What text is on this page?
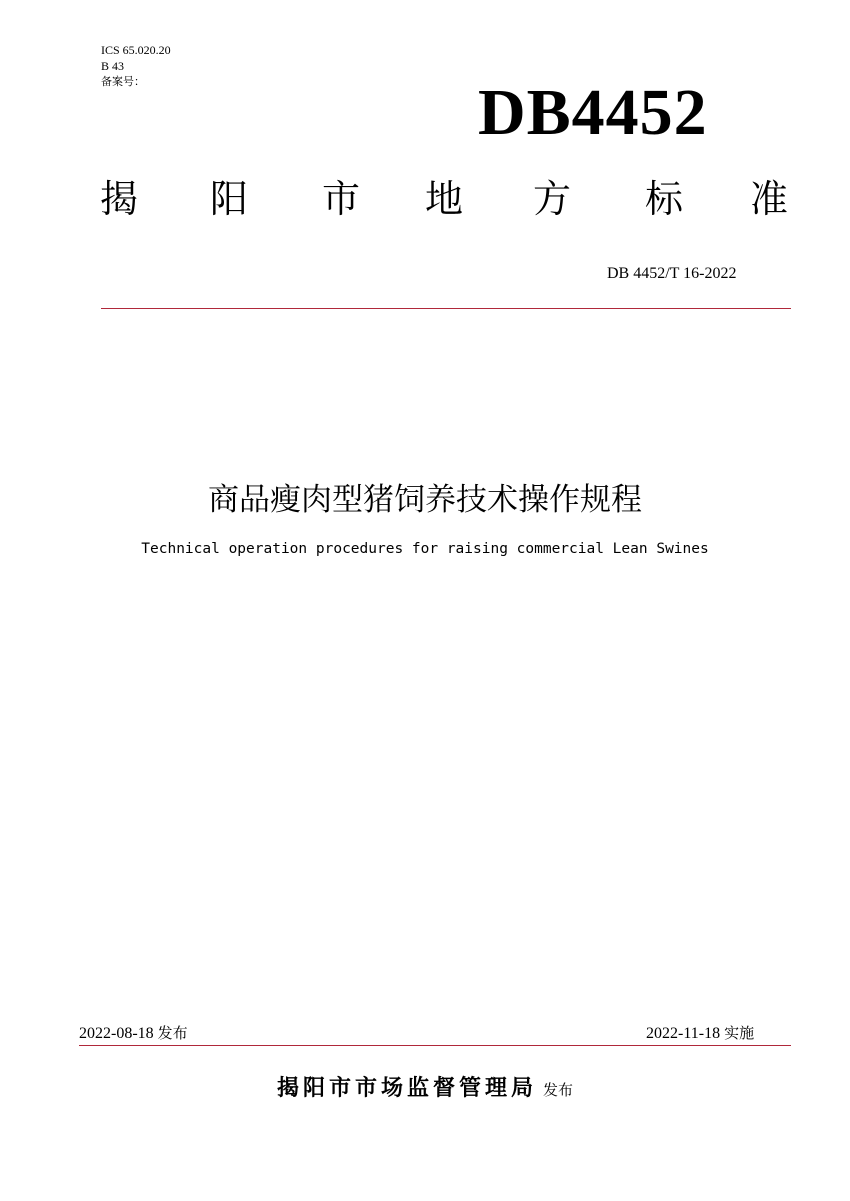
ICS 65.020.20
B 43
备案号：	DB4452
揭 阳 市 地 方 标 准
DB 4452/T 16-2022
商品瘦肉型猪饲养技术操作规程
Technical operation procedures for raising commercial Lean Swines
2022-08-18 发布	2022-11-18 实施
揭阳市市场监督管理局 发布
